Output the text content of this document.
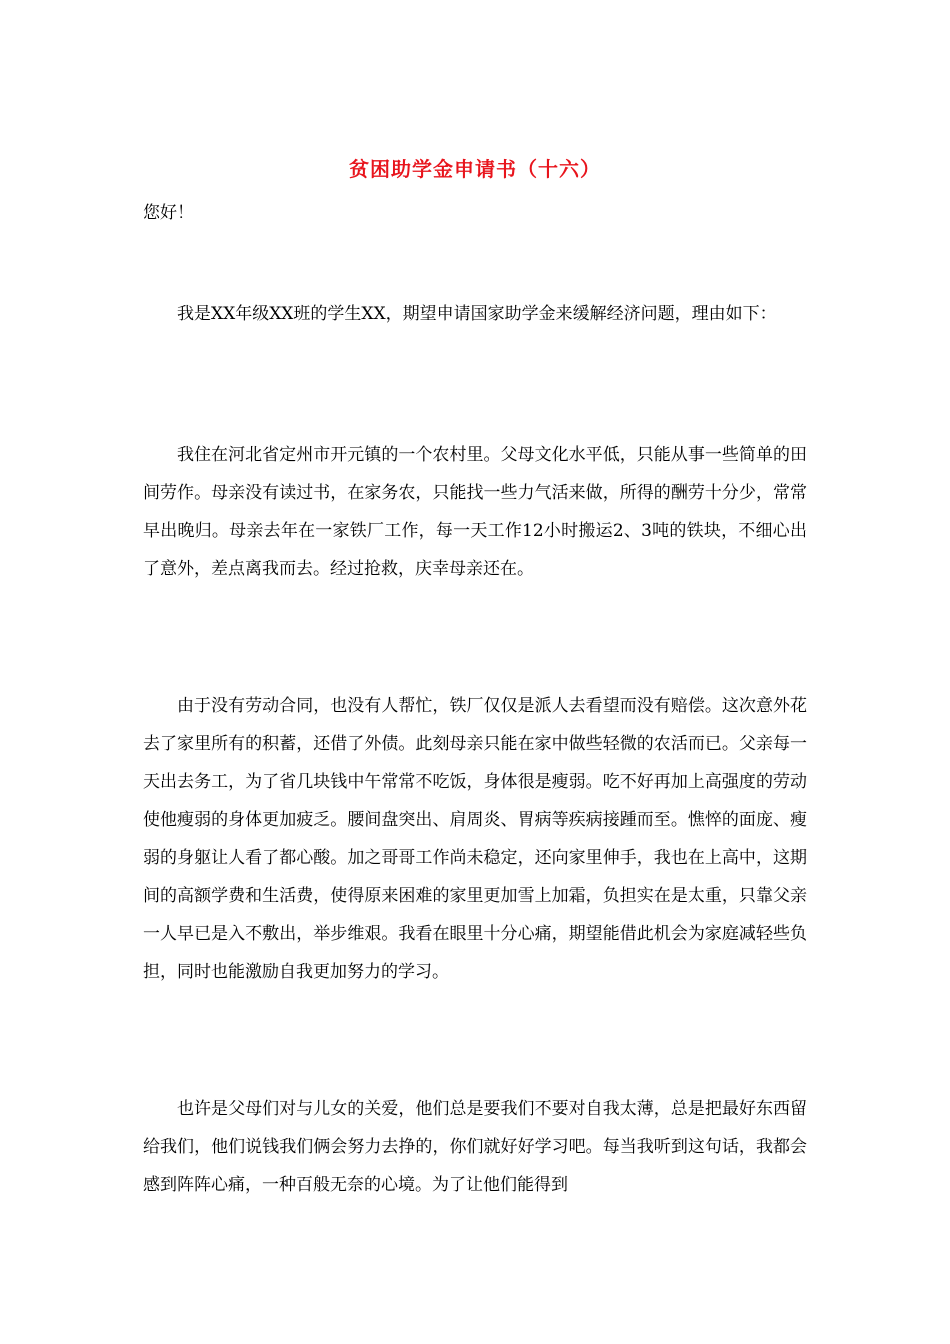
贫困助学金申请书（十六）
您好！

我是XX年级XX班的学生XX，期望申请国家助学金来缓解经济问题，理由如下：

我住在河北省定州市开元镇的一个农村里。父母文化水平低，只能从事一些简单的田间劳作。母亲没有读过书，在家务农，只能找一些力气活来做，所得的酬劳十分少，常常早出晚归。母亲去年在一家铁厂工作，每一天工作12小时搬运2、3吨的铁块，不细心出了意外，差点离我而去。经过抢救，庆幸母亲还在。

由于没有劳动合同，也没有人帮忙，铁厂仅仅是派人去看望而没有赔偿。这次意外花去了家里所有的积蓄，还借了外债。此刻母亲只能在家中做些轻微的农活而已。父亲每一天出去务工，为了省几块钱中午常常不吃饭，身体很是瘦弱。吃不好再加上高强度的劳动使他瘦弱的身体更加疲乏。腰间盘突出、肩周炎、胃病等疾病接踵而至。憔悴的面庞、瘦弱的身躯让人看了都心酸。加之哥哥工作尚未稳定，还向家里伸手，我也在上高中，这期间的高额学费和生活费，使得原来困难的家里更加雪上加霜，负担实在是太重，只靠父亲一人早已是入不敷出，举步维艰。我看在眼里十分心痛，期望能借此机会为家庭减轻些负担，同时也能激励自我更加努力的学习。

也许是父母们对与儿女的关爱，他们总是要我们不要对自我太薄，总是把最好东西留给我们，他们说钱我们俩会努力去挣的，你们就好好学习吧。每当我听到这句话，我都会感到阵阵心痛，一种百般无奈的心境。为了让他们能得到
